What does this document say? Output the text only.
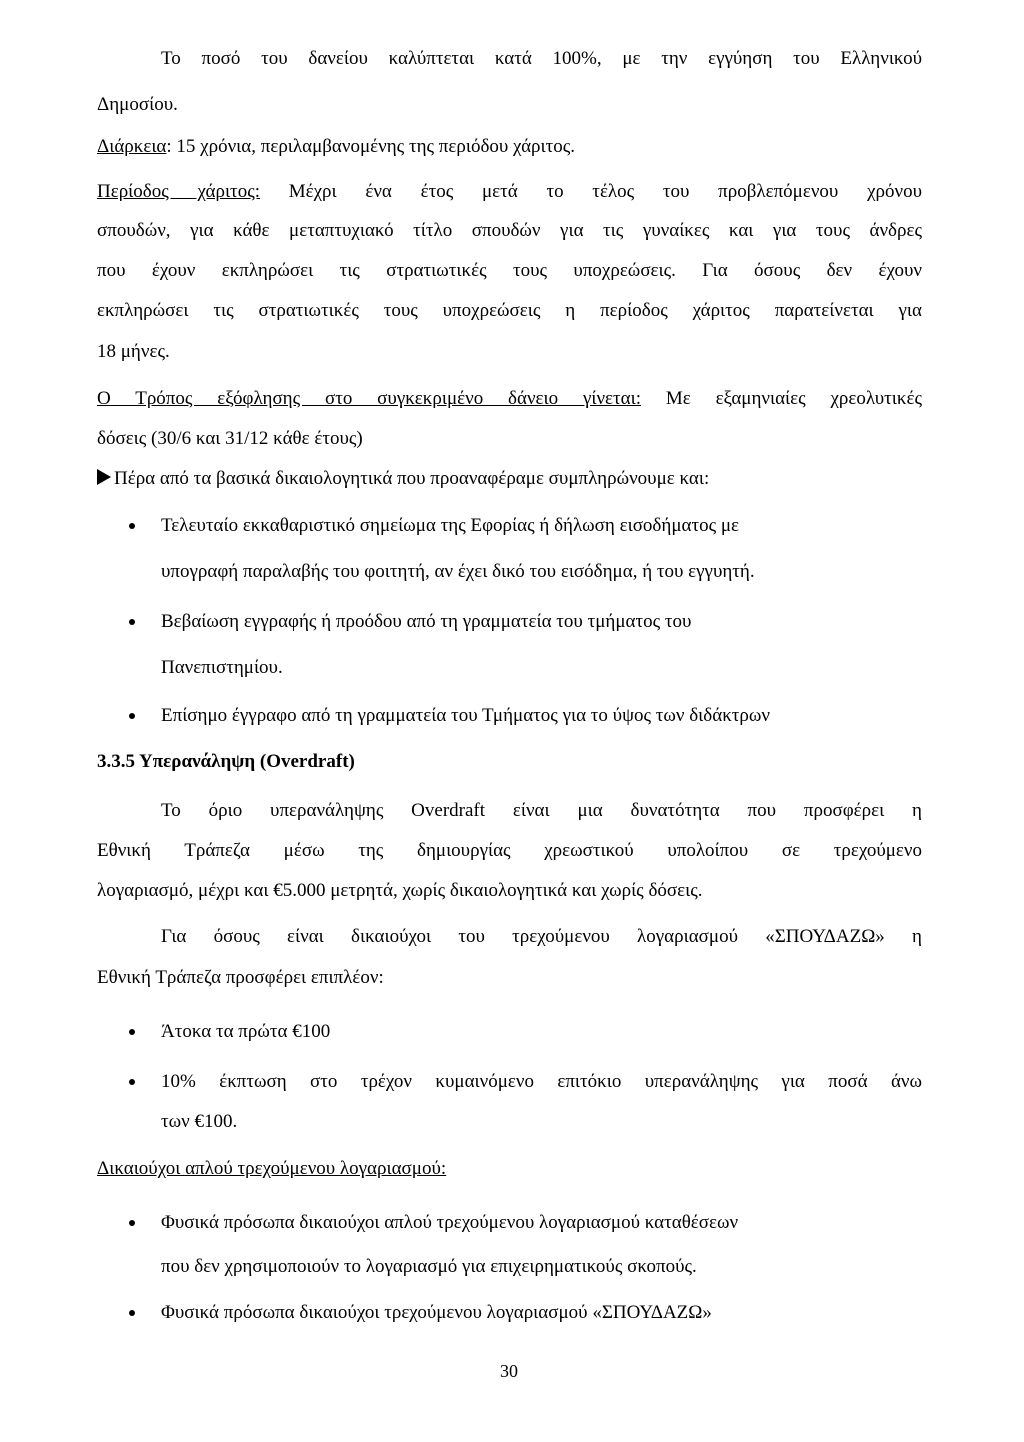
Το ποσό του δανείου καλύπτεται κατά 100%, με την εγγύηση του Ελληνικού
Δημοσίου.
Διάρκεια: 15 χρόνια, περιλαμβανομένης της περιόδου χάριτος.
Περίοδος χάριτος: Μέχρι ένα έτος μετά το τέλος του προβλεπόμενου χρόνου
σπουδών, για κάθε μεταπτυχιακό τίτλο σπουδών για τις γυναίκες και για τους άνδρες
που έχουν εκπληρώσει τις στρατιωτικές τους υποχρεώσεις. Για όσους δεν έχουν
εκπληρώσει τις στρατιωτικές τους υποχρεώσεις η περίοδος χάριτος παρατείνεται για
18 μήνες.
Ο Τρόπος εξόφλησης στο συγκεκριμένο δάνειο γίνεται: Με εξαμηνιαίες χρεολυτικές
δόσεις (30/6 και 31/12 κάθε έτους)
Πέρα από τα βασικά δικαιολογητικά που προαναφέραμε συμπληρώνουμε και:
Τελευταίο εκκαθαριστικό σημείωμα της Εφορίας ή δήλωση εισοδήματος με
υπογραφή παραλαβής του φοιτητή, αν έχει δικό του εισόδημα, ή του εγγυητή.
Βεβαίωση εγγραφής ή προόδου από τη γραμματεία του τμήματος του
Πανεπιστημίου.
Επίσημο έγγραφο από τη γραμματεία του Τμήματος για το ύψος των διδάκτρων
3.3.5 Υπερανάληψη (Overdraft)
Το όριο υπερανάληψης Overdraft είναι μια δυνατότητα που προσφέρει η
Εθνική Τράπεζα μέσω της δημιουργίας χρεωστικού υπολοίπου σε τρεχούμενο
λογαριασμό, μέχρι και €5.000 μετρητά, χωρίς δικαιολογητικά και χωρίς δόσεις.
Για όσους είναι δικαιούχοι του τρεχούμενου λογαριασμού «ΣΠΟΥΔΑΖΩ» η
Εθνική Τράπεζα προσφέρει επιπλέον:
Άτοκα τα πρώτα €100
10% έκπτωση στο τρέχον κυμαινόμενο επιτόκιο υπερανάληψης για ποσά άνω
των €100.
Δικαιούχοι απλού τρεχούμενου λογαριασμού:
Φυσικά πρόσωπα δικαιούχοι απλού τρεχούμενου λογαριασμού καταθέσεων
που δεν χρησιμοποιούν το λογαριασμό για επιχειρηματικούς σκοπούς.
Φυσικά πρόσωπα δικαιούχοι τρεχούμενου λογαριασμού «ΣΠΟΥΔΑΖΩ»
30
